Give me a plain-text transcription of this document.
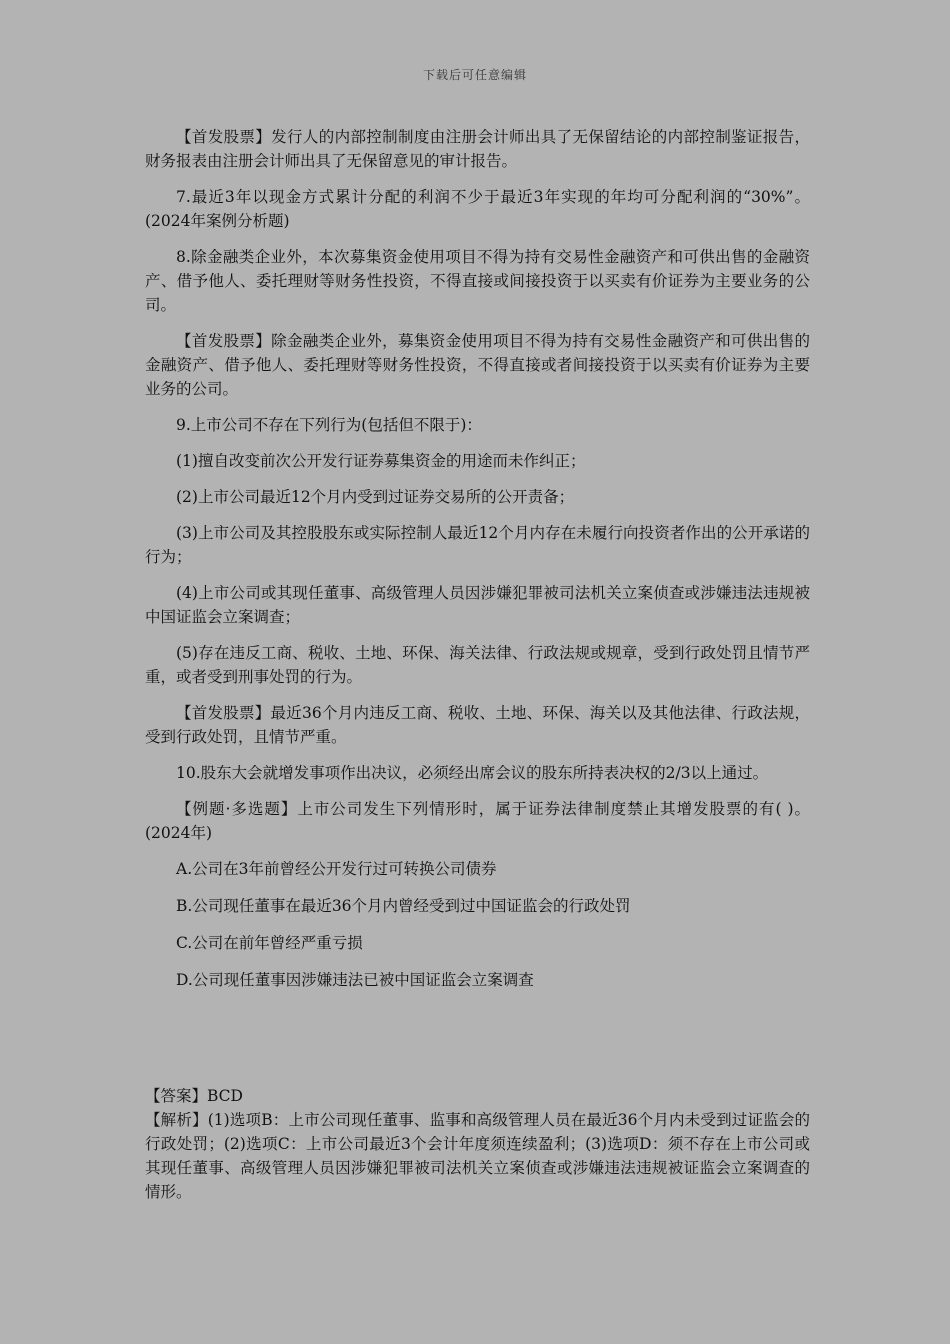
下载后可任意编辑

【首发股票】发行人的内部控制制度由注册会计师出具了无保留结论的内部控制鉴证报告，财务报表由注册会计师出具了无保留意见的审计报告。

7.最近3年以现金方式累计分配的利润不少于最近3年实现的年均可分配利润的“30%”。(2024年案例分析题)

8.除金融类企业外，本次募集资金使用项目不得为持有交易性金融资产和可供出售的金融资产、借予他人、委托理财等财务性投资，不得直接或间接投资于以买卖有价证券为主要业务的公司。

【首发股票】除金融类企业外，募集资金使用项目不得为持有交易性金融资产和可供出售的金融资产、借予他人、委托理财等财务性投资，不得直接或者间接投资于以买卖有价证券为主要业务的公司。

9.上市公司不存在下列行为(包括但不限于)：

(1)擅自改变前次公开发行证券募集资金的用途而未作纠正；

(2)上市公司最近12个月内受到过证券交易所的公开责备；

(3)上市公司及其控股股东或实际控制人最近12个月内存在未履行向投资者作出的公开承诺的行为；

(4)上市公司或其现任董事、高级管理人员因涉嫌犯罪被司法机关立案侦查或涉嫌违法违规被中国证监会立案调查；

(5)存在违反工商、税收、土地、环保、海关法律、行政法规或规章，受到行政处罚且情节严重，或者受到刑事处罚的行为。

【首发股票】最近36个月内违反工商、税收、土地、环保、海关以及其他法律、行政法规，受到行政处罚，且情节严重。

10.股东大会就增发事项作出决议，必须经出席会议的股东所持表决权的2/3以上通过。

【例题·多选题】上市公司发生下列情形时，属于证券法律制度禁止其增发股票的有( )。(2024年)

A.公司在3年前曾经公开发行过可转换公司债券

B.公司现任董事在最近36个月内曾经受到过中国证监会的行政处罚

C.公司在前年曾经严重亏损

D.公司现任董事因涉嫌违法已被中国证监会立案调查

【答案】BCD
【解析】(1)选项B：上市公司现任董事、监事和高级管理人员在最近36个月内未受到过证监会的行政处罚；(2)选项C：上市公司最近3个会计年度须连续盈利；(3)选项D：须不存在上市公司或其现任董事、高级管理人员因涉嫌犯罪被司法机关立案侦查或涉嫌违法违规被证监会立案调查的情形。
